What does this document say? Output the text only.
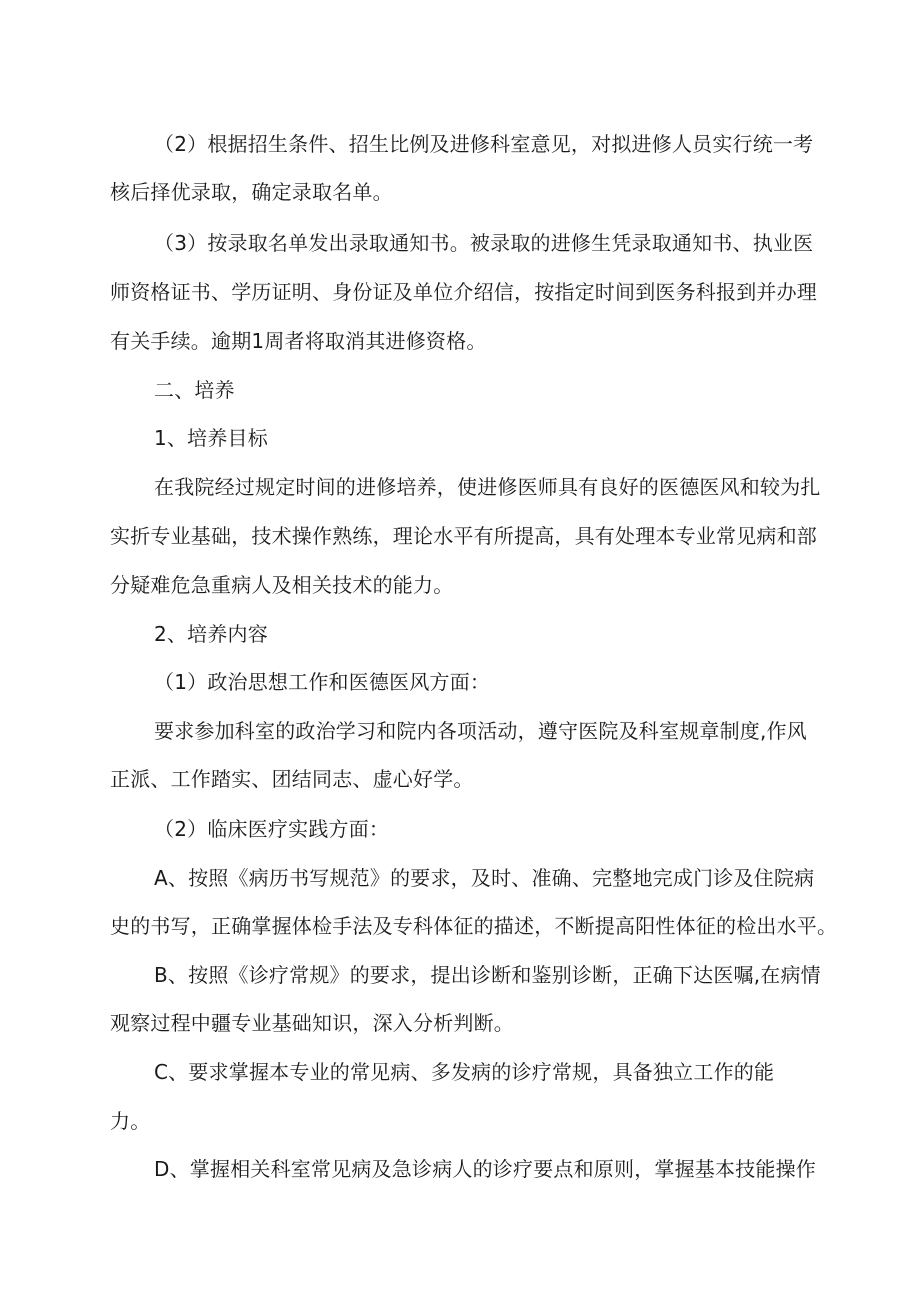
（2）根据招生条件、招生比例及进修科室意见，对拟进修人员实行统一考
核后择优录取，确定录取名单。
（3）按录取名单发出录取通知书。被录取的进修生凭录取通知书、执业医
师资格证书、学历证明、身份证及单位介绍信，按指定时间到医务科报到并办理
有关手续。逾期1周者将取消其进修资格。
二、培养
1、培养目标
在我院经过规定时间的进修培养，使进修医师具有良好的医德医风和较为扎
实折专业基础，技术操作熟练，理论水平有所提高，具有处理本专业常见病和部
分疑难危急重病人及相关技术的能力。
2、培养内容
（1）政治思想工作和医德医风方面：
要求参加科室的政治学习和院内各项活动，遵守医院及科室规章制度,作风
正派、工作踏实、团结同志、虚心好学。
（2）临床医疗实践方面：
A、按照《病历书写规范》的要求，及时、准确、完整地完成门诊及住院病
史的书写，正确掌握体检手法及专科体征的描述，不断提高阳性体征的检出水平。
B、按照《诊疗常规》的要求，提出诊断和鉴别诊断，正确下达医嘱,在病情
观察过程中疆专业基础知识，深入分析判断。
C、要求掌握本专业的常见病、多发病的诊疗常规，具备独立工作的能
力。
D、掌握相关科室常见病及急诊病人的诊疗要点和原则，掌握基本技能操作
